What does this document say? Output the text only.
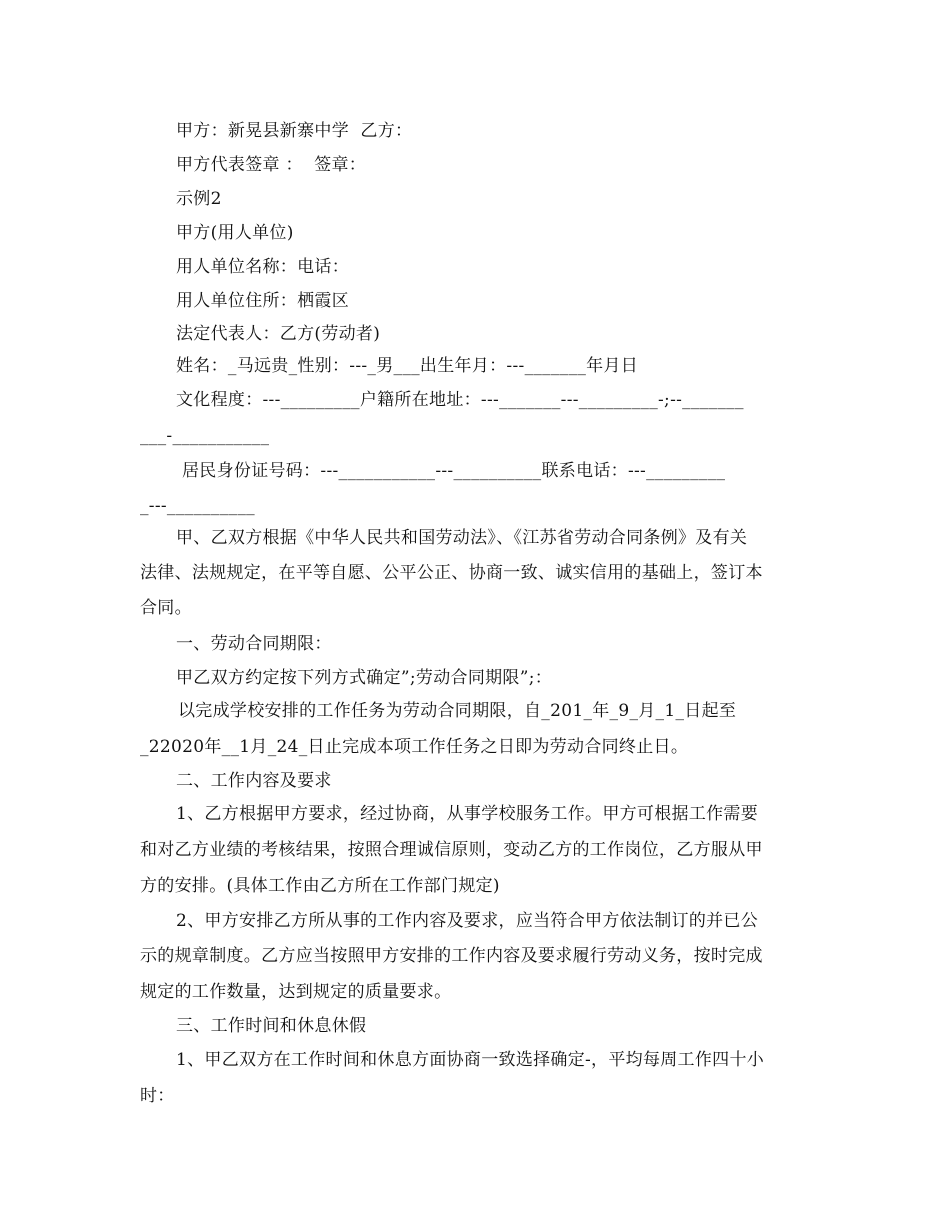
甲方：新晃县新寨中学  乙方：
甲方代表签章 ：  签章：
示例2
甲方(用人单位)
用人单位名称：电话：
用人单位住所：栖霞区
法定代表人：乙方(劳动者)
姓名：_马远贵_性别：---_男___出生年月：---_______年月日
文化程度：---_________户籍所在地址：---_______---_________-;--_______
___-___________
居民身份证号码：---___________---__________联系电话：---_________
_---__________
甲、乙双方根据《中华人民共和国劳动法》、《江苏省劳动合同条例》及有关
法律、法规规定，在平等自愿、公平公正、协商一致、诚实信用的基础上，签订本
合同。
一、劳动合同期限：
甲乙双方约定按下列方式确定”;劳动合同期限”;：
以完成学校安排的工作任务为劳动合同期限，自_201_年_9_月_1_日起至
_22020年__1月_24_日止完成本项工作任务之日即为劳动合同终止日。
二、工作内容及要求
1、乙方根据甲方要求，经过协商，从事学校服务工作。甲方可根据工作需要
和对乙方业绩的考核结果，按照合理诚信原则，变动乙方的工作岗位，乙方服从甲
方的安排。(具体工作由乙方所在工作部门规定)
2、甲方安排乙方所从事的工作内容及要求，应当符合甲方依法制订的并已公
示的规章制度。乙方应当按照甲方安排的工作内容及要求履行劳动义务，按时完成
规定的工作数量，达到规定的质量要求。
三、工作时间和休息休假
1、甲乙双方在工作时间和休息方面协商一致选择确定-，平均每周工作四十小
时：
